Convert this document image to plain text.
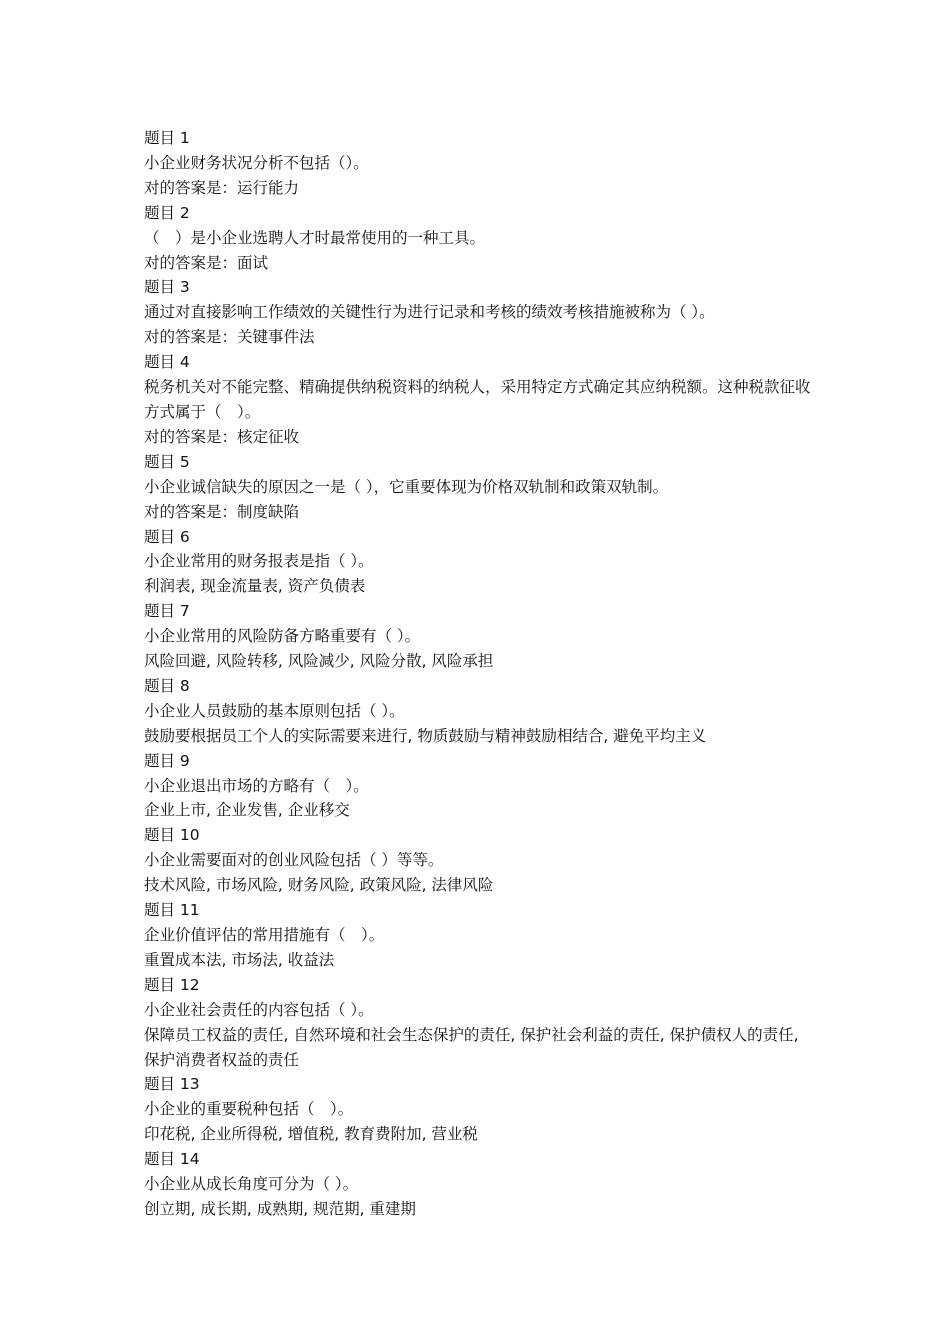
题目 1

小企业财务状况分析不包括（）。

对的答案是：运行能力

题目 2

（　）是小企业选聘人才时最常使用的一种工具。

对的答案是：面试

题目 3

通过对直接影响工作绩效的关键性行为进行记录和考核的绩效考核措施被称为（ ）。

对的答案是：关键事件法

题目 4

税务机关对不能完整、精确提供纳税资料的纳税人，采用特定方式确定其应纳税额。这种税款征收方式属于（　）。

对的答案是：核定征收

题目 5

小企业诚信缺失的原因之一是（ ），它重要体现为价格双轨制和政策双轨制。

对的答案是：制度缺陷

题目 6

小企业常用的财务报表是指（ ）。

利润表, 现金流量表, 资产负债表

题目 7

小企业常用的风险防备方略重要有（ ）。

风险回避, 风险转移, 风险减少, 风险分散, 风险承担

题目 8

小企业人员鼓励的基本原则包括（ ）。

鼓励要根据员工个人的实际需要来进行, 物质鼓励与精神鼓励相结合, 避免平均主义

题目 9

小企业退出市场的方略有（　）。

企业上市, 企业发售, 企业移交

题目 10

小企业需要面对的创业风险包括（ ）等等。

技术风险, 市场风险, 财务风险, 政策风险, 法律风险

题目 11

企业价值评估的常用措施有（　）。

重置成本法, 市场法, 收益法

题目 12

小企业社会责任的内容包括（ ）。

保障员工权益的责任, 自然环境和社会生态保护的责任, 保护社会利益的责任, 保护债权人的责任, 保护消费者权益的责任

题目 13

小企业的重要税种包括（　）。

印花税, 企业所得税, 增值税, 教育费附加, 营业税

题目 14

小企业从成长角度可分为（ ）。

创立期, 成长期, 成熟期, 规范期, 重建期
